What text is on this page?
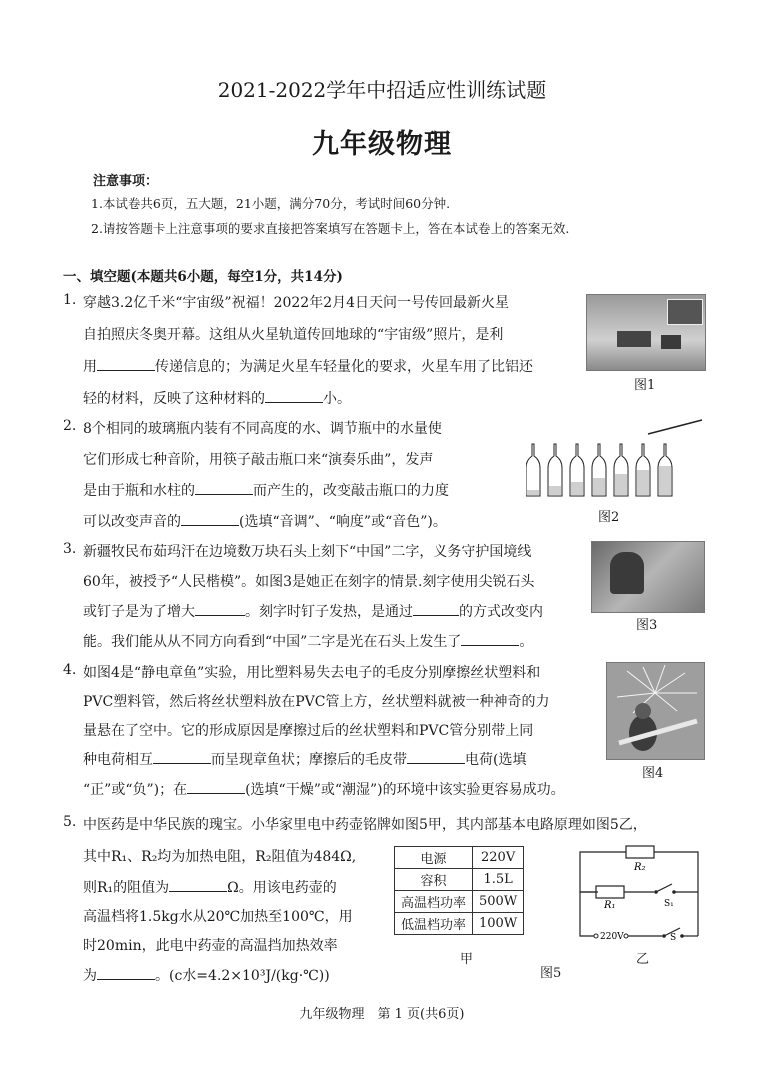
2021-2022学年中招适应性训练试题
九年级物理
注意事项：
1.本试卷共6页，五大题，21小题，满分70分，考试时间60分钟.
2.请按答题卡上注意事项的要求直接把答案填写在答题卡上，答在本试卷上的答案无效.
一、填空题(本题共6小题，每空1分，共14分)
1. 穿越3.2亿千米“宇宙级”祝福！2022年2月4日天问一号传回最新火星
自拍照庆冬奥开幕。这组从火星轨道传回地球的“宇宙级”照片，是利
用	传递信息的；为满足火星车轻量化的要求，火星车用了比铝还
轻的材料，反映了这种材料的	小。
图1
2. 8个相同的玻璃瓶内装有不同高度的水、调节瓶中的水量使
它们形成七种音阶，用筷子敲击瓶口来“演奏乐曲”，发声
是由于瓶和水柱的	而产生的，改变敲击瓶口的力度
可以改变声音的	(选填“音调”、“响度”或“音色”)。	图2
3. 新疆牧民布茹玛汗在边境数万块石头上刻下“中国”二字，义务守护国境线
60年，被授予“人民楷模”。如图3是她正在刻字的情景.刻字使用尖锐石头
或钉子是为了增大	。刻字时钉子发热，是通过	的方式改变内
能。我们能从从不同方向看到“中国”二字是光在石头上发生了	。
图3
4. 如图4是“静电章鱼”实验，用比塑料易失去电子的毛皮分别摩擦丝状塑料和
PVC塑料管，然后将丝状塑料放在PVC管上方，丝状塑料就被一种神奇的力
量悬在了空中。它的形成原因是摩擦过后的丝状塑料和PVC管分别带上同
种电荷相互	而呈现章鱼状；摩擦后的毛皮带	电荷(选填
“正”或“负”)；在	(选填“干燥”或“潮湿”)的环境中该实验更容易成功。
图4
5. 中医药是中华民族的瑰宝。小华家里电中药壶铭牌如图5甲，其内部基本电路原理如图5乙，
其中R₁、R₂均为加热电阻，R₂阻值为484Ω,
则R₁的阻值为	Ω。用该电药壶的
高温档将1.5kg水从20℃加热至100℃，用
时20min，此电中药壶的高温挡加热效率
为	。(c水=4.2×10³J/(kg·℃))
电源	220V
容积	1.5L
高温档功率	500W
低温档功率	100W
甲
图5
R₂
R₁	S₁
S
220V
乙
九年级物理　第 1 页(共6页)
